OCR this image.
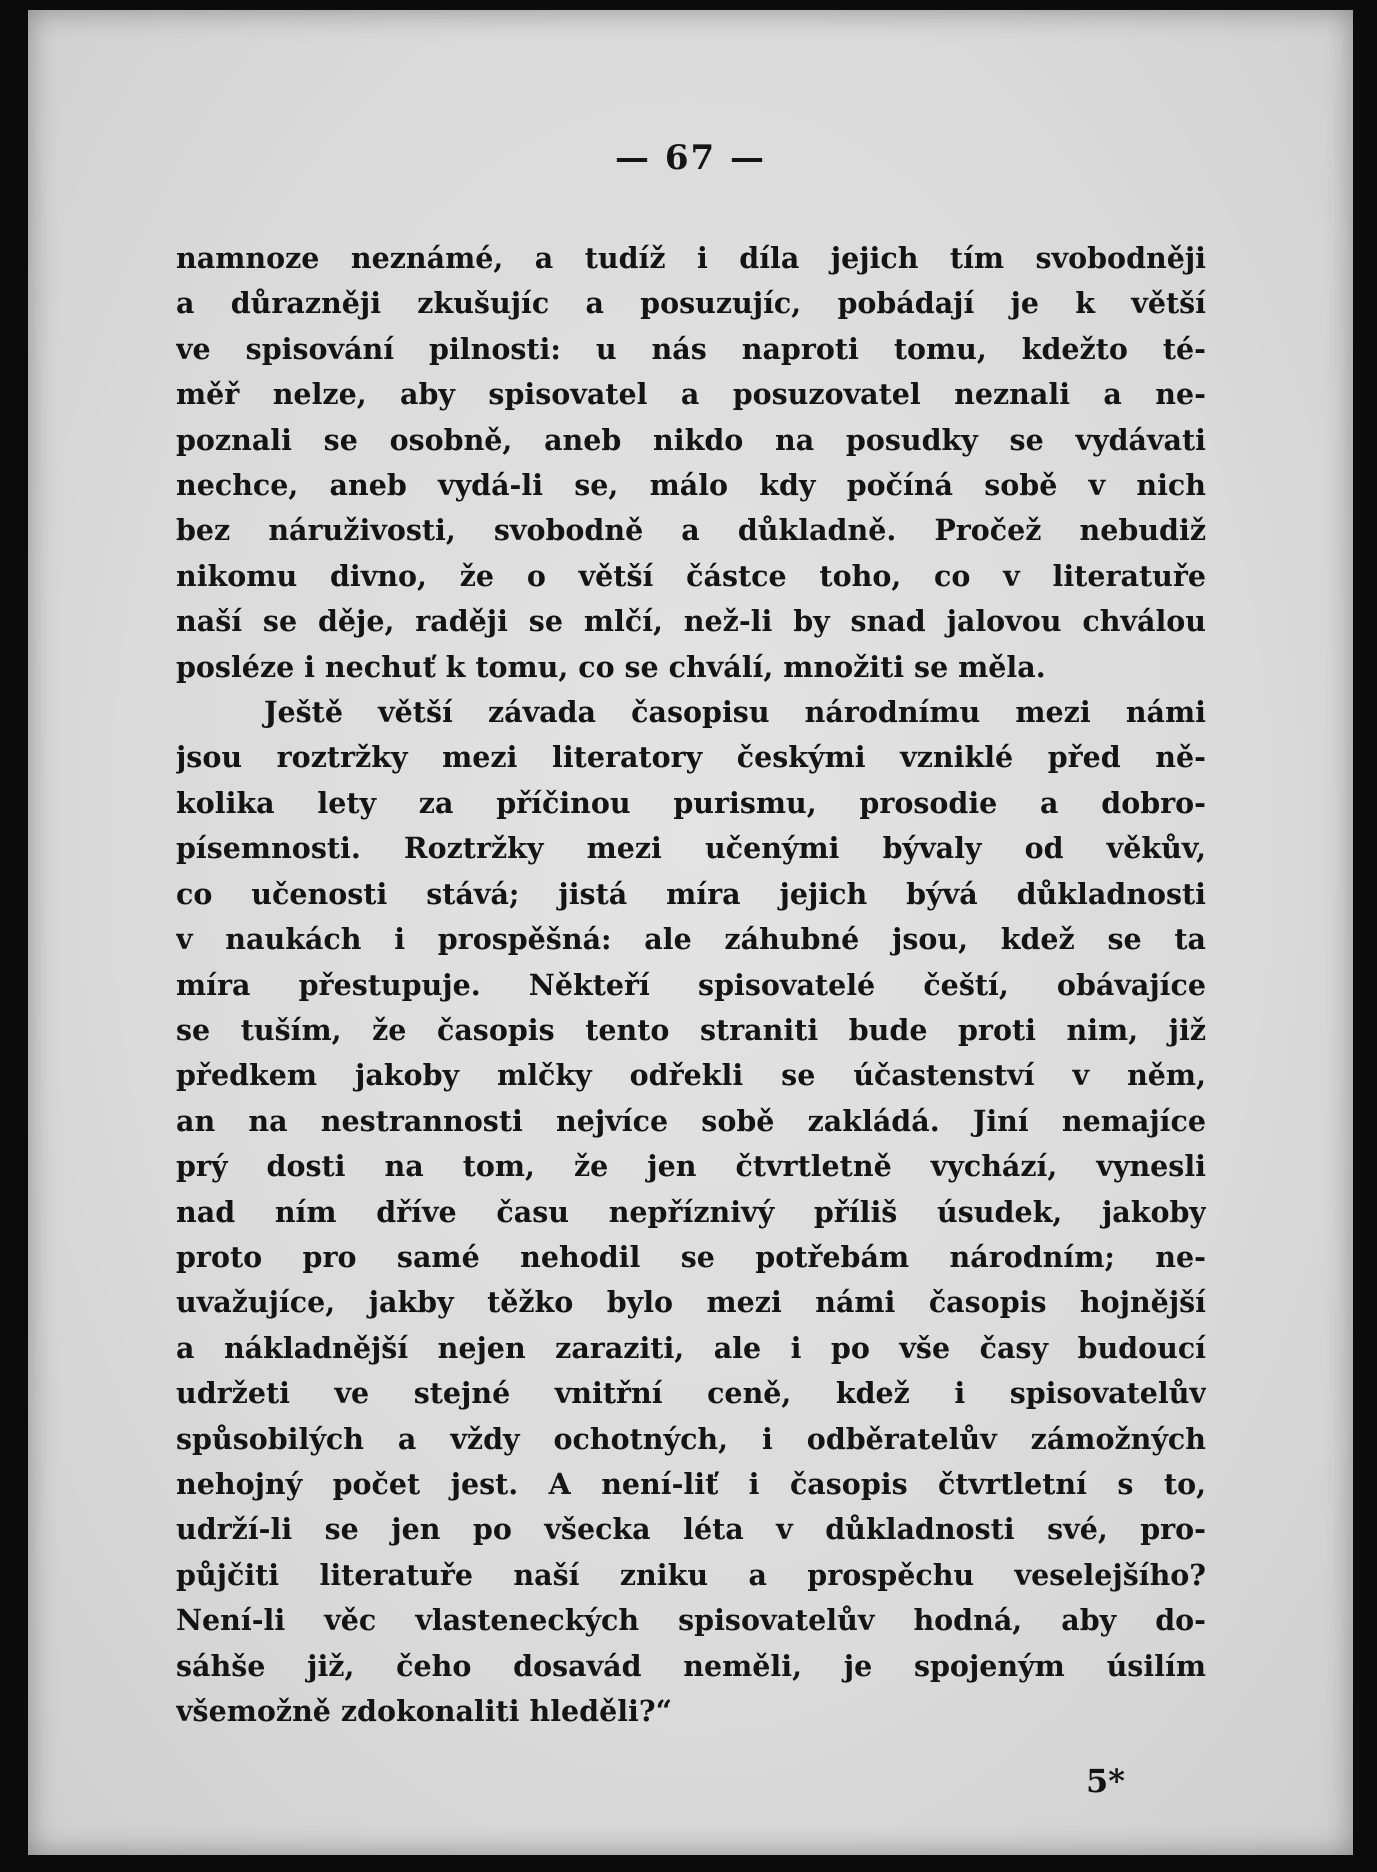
— 67 —
namnoze neznámé, a tudíž i díla jejich tím svobodněji
a důrazněji zkušujíc a posuzujíc, pobádají je k větší
ve spisování pilnosti: u nás naproti tomu, kdežto té-
měř nelze, aby spisovatel a posuzovatel neznali a ne-
poznali se osobně, aneb nikdo na posudky se vydávati
nechce, aneb vydá-li se, málo kdy počíná sobě v nich
bez náruživosti, svobodně a důkladně. Pročež nebudiž
nikomu divno, že o větší částce toho, co v literatuře
naší se děje, raději se mlčí, než-li by snad jalovou chválou
posléze i nechuť k tomu, co se chválí, množiti se měla.
Ještě větší závada časopisu národnímu mezi námi
jsou roztržky mezi literatory českými vzniklé před ně-
kolika lety za příčinou purismu, prosodie a dobro-
písemnosti. Roztržky mezi učenými bývaly od věkův,
co učenosti stává; jistá míra jejich bývá důkladnosti
v naukách i prospěšná: ale záhubné jsou, kdež se ta
míra přestupuje. Někteří spisovatelé čeští, obávajíce
se tuším, že časopis tento straniti bude proti nim, již
předkem jakoby mlčky odřekli se účastenství v něm,
an na nestrannosti nejvíce sobě zakládá. Jiní nemajíce
prý dosti na tom, že jen čtvrtletně vychází, vynesli
nad ním dříve času nepříznivý příliš úsudek, jakoby
proto pro samé nehodil se potřebám národním; ne-
uvažujíce, jakby těžko bylo mezi námi časopis hojnější
a nákladnější nejen zaraziti, ale i po vše časy budoucí
udržeti ve stejné vnitřní ceně, kdež i spisovatelův
spůsobilých a vždy ochotných, i odběratelův zámožných
nehojný počet jest. A není-liť i časopis čtvrtletní s to,
udrží-li se jen po všecka léta v důkladnosti své, pro-
půjčiti literatuře naší zniku a prospěchu veselejšího?
Není-li věc vlasteneckých spisovatelův hodná, aby do-
sáhše již, čeho dosavád neměli, je spojeným úsilím
všemožně zdokonaliti hleděli?“
5*
